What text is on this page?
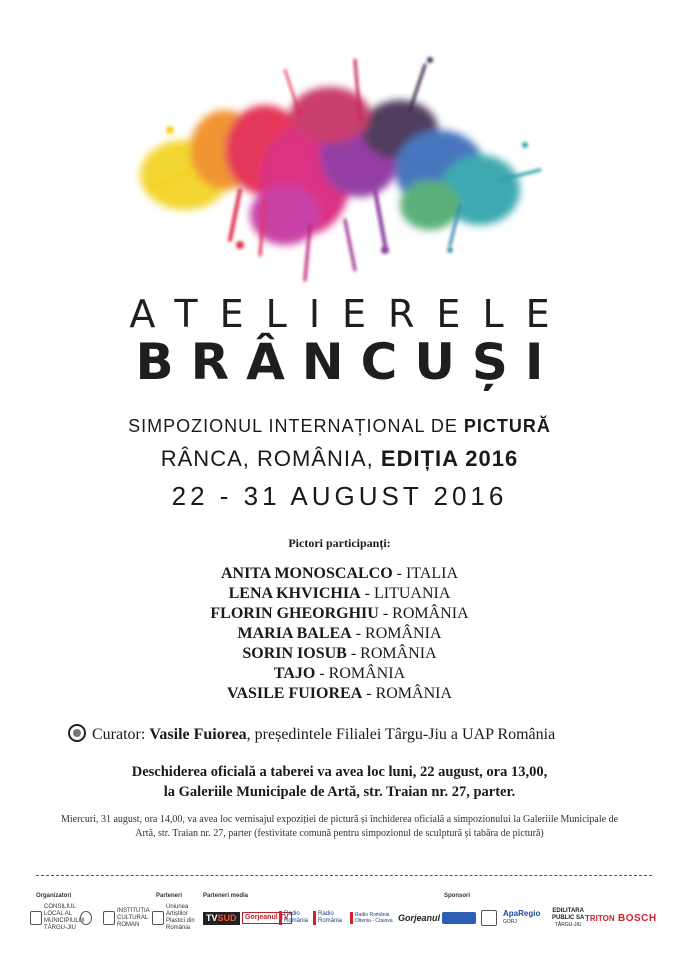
ATELIERELE
BRÂNCUȘI
SIMPOZIONUL INTERNAȚIONAL DE PICTURĂ
RÂNCA, ROMÂNIA, EDIȚIA 2016
22 - 31 AUGUST 2016
Pictori participanți:
ANITA MONOSCALCO - ITALIA
LENA KHVICHIA - LITUANIA
FLORIN GHEORGHIU - ROMÂNIA
MARIA BALEA - ROMÂNIA
SORIN IOSUB - ROMÂNIA
TAJO - ROMÂNIA
VASILE FUIOREA - ROMÂNIA
Curator: Vasile Fuiorea, președintele Filialei Târgu-Jiu a UAP România
Deschiderea oficială a taberei va avea loc luni, 22 august, ora 13,00,
la Galeriile Municipale de Artă, str. Traian nr. 27, parter.
Miercuri, 31 august, ora 14,00, va avea loc vernisajul expoziției de pictură și închiderea oficială a simpozionului la Galeriile Municipale de Artă, str. Traian nr. 27, parter (festivitate comună pentru simpozionul de sculptură și tabăra de pictură)
Organizatori	Parteneri	Parteneri media	Sponsori
CONSILIUL LOCAL AL MUNICIPIULUI TÂRGU-JIU
INSTITUȚIA CULTURAL ROMAN
Uniunea Artiștilor Plastici din România
TVSUD	Gorjeanul TV
Radio România
Radio România
Radio România Oltenia - Craiova Gorjeanul	ApaRegio
GORJ
EDILITARA
PUBLIC SA
TÂRGU-JIU
TRITON BOSCH
